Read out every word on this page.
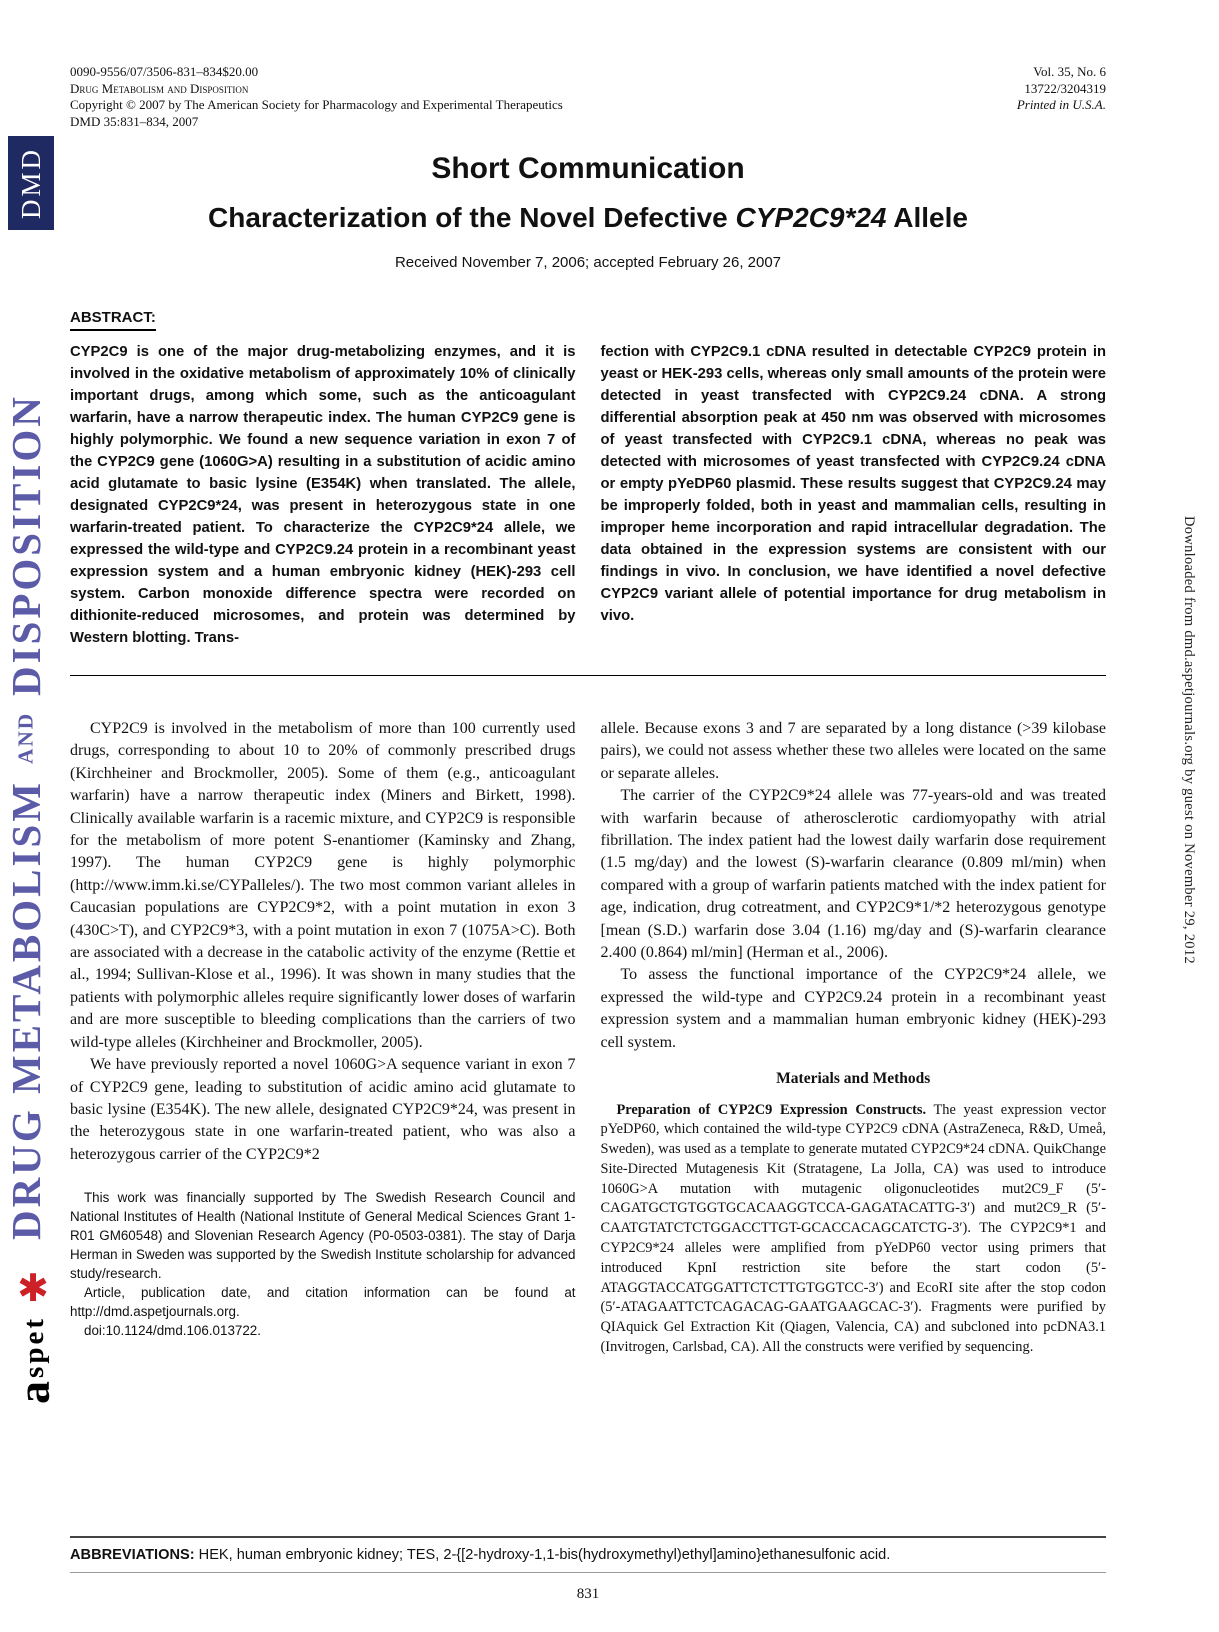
DMD
DRUG METABOLISM
AND
DISPOSITION
✱
aspet
Downloaded from dmd.aspetjournals.org by guest on November 29, 2012
0090-9556/07/3506-831–834$20.00
Drug Metabolism and Disposition
Copyright © 2007 by The American Society for Pharmacology and Experimental Therapeutics
DMD 35:831–834, 2007
Vol. 35, No. 6
13722/3204319
Printed in U.S.A.
Short Communication
Characterization of the Novel Defective CYP2C9*24 Allele
Received November 7, 2006; accepted February 26, 2007
ABSTRACT:
CYP2C9 is one of the major drug-metabolizing enzymes, and it is involved in the oxidative metabolism of approximately 10% of clinically important drugs, among which some, such as the anticoagulant warfarin, have a narrow therapeutic index. The human CYP2C9 gene is highly polymorphic. We found a new sequence variation in exon 7 of the CYP2C9 gene (1060G>A) resulting in a substitution of acidic amino acid glutamate to basic lysine (E354K) when translated. The allele, designated CYP2C9*24, was present in heterozygous state in one warfarin-treated patient. To characterize the CYP2C9*24 allele, we expressed the wild-type and CYP2C9.24 protein in a recombinant yeast expression system and a human embryonic kidney (HEK)-293 cell system. Carbon monoxide difference spectra were recorded on dithionite-reduced microsomes, and protein was determined by Western blotting. Trans-
fection with CYP2C9.1 cDNA resulted in detectable CYP2C9 protein in yeast or HEK-293 cells, whereas only small amounts of the protein were detected in yeast transfected with CYP2C9.24 cDNA. A strong differential absorption peak at 450 nm was observed with microsomes of yeast transfected with CYP2C9.1 cDNA, whereas no peak was detected with microsomes of yeast transfected with CYP2C9.24 cDNA or empty pYeDP60 plasmid. These results suggest that CYP2C9.24 may be improperly folded, both in yeast and mammalian cells, resulting in improper heme incorporation and rapid intracellular degradation. The data obtained in the expression systems are consistent with our findings in vivo. In conclusion, we have identified a novel defective CYP2C9 variant allele of potential importance for drug metabolism in vivo.

CYP2C9 is involved in the metabolism of more than 100 currently used drugs, corresponding to about 10 to 20% of commonly prescribed drugs (Kirchheiner and Brockmoller, 2005). Some of them (e.g., anticoagulant warfarin) have a narrow therapeutic index (Miners and Birkett, 1998). Clinically available warfarin is a racemic mixture, and CYP2C9 is responsible for the metabolism of more potent S-enantiomer (Kaminsky and Zhang, 1997). The human CYP2C9 gene is highly polymorphic (http://www.imm.ki.se/CYPalleles/). The two most common variant alleles in Caucasian populations are CYP2C9*2, with a point mutation in exon 3 (430C>T), and CYP2C9*3, with a point mutation in exon 7 (1075A>C). Both are associated with a decrease in the catabolic activity of the enzyme (Rettie et al., 1994; Sullivan-Klose et al., 1996). It was shown in many studies that the patients with polymorphic alleles require significantly lower doses of warfarin and are more susceptible to bleeding complications than the carriers of two wild-type alleles (Kirchheiner and Brockmoller, 2005).

We have previously reported a novel 1060G>A sequence variant in exon 7 of CYP2C9 gene, leading to substitution of acidic amino acid glutamate to basic lysine (E354K). The new allele, designated CYP2C9*24, was present in the heterozygous state in one warfarin-treated patient, who was also a heterozygous carrier of the CYP2C9*2

This work was financially supported by The Swedish Research Council and National Institutes of Health (National Institute of General Medical Sciences Grant 1-R01 GM60548) and Slovenian Research Agency (P0-0503-0381). The stay of Darja Herman in Sweden was supported by the Swedish Institute scholarship for advanced study/research.

Article, publication date, and citation information can be found at http://dmd.aspetjournals.org.

doi:10.1124/dmd.106.013722.

allele. Because exons 3 and 7 are separated by a long distance (>39 kilobase pairs), we could not assess whether these two alleles were located on the same or separate alleles.

The carrier of the CYP2C9*24 allele was 77-years-old and was treated with warfarin because of atherosclerotic cardiomyopathy with atrial fibrillation. The index patient had the lowest daily warfarin dose requirement (1.5 mg/day) and the lowest (S)-warfarin clearance (0.809 ml/min) when compared with a group of warfarin patients matched with the index patient for age, indication, drug cotreatment, and CYP2C9*1/*2 heterozygous genotype [mean (S.D.) warfarin dose 3.04 (1.16) mg/day and (S)-warfarin clearance 2.400 (0.864) ml/min] (Herman et al., 2006).

To assess the functional importance of the CYP2C9*24 allele, we expressed the wild-type and CYP2C9.24 protein in a recombinant yeast expression system and a mammalian human embryonic kidney (HEK)-293 cell system.

Materials and Methods
Preparation of CYP2C9 Expression Constructs. The yeast expression vector pYeDP60, which contained the wild-type CYP2C9 cDNA (AstraZeneca, R&D, Umeå, Sweden), was used as a template to generate mutated CYP2C9*24 cDNA. QuikChange Site-Directed Mutagenesis Kit (Stratagene, La Jolla, CA) was used to introduce 1060G>A mutation with mutagenic oligonucleotides mut2C9_F (5′-CAGATGCTGTGGTGCACAAGGTCCA-GAGATACATTG-3′) and mut2C9_R (5′-CAATGTATCTCTGGACCTTGT-GCACCACAGCATCTG-3′). The CYP2C9*1 and CYP2C9*24 alleles were amplified from pYeDP60 vector using primers that introduced KpnI restriction site before the start codon (5′-ATAGGTACCATGGATTCTCTTGTGGTCC-3′) and EcoRI site after the stop codon (5′-ATAGAATTCTCAGACAG-GAATGAAGCAC-3′). Fragments were purified by QIAquick Gel Extraction Kit (Qiagen, Valencia, CA) and subcloned into pcDNA3.1 (Invitrogen, Carlsbad, CA). All the constructs were verified by sequencing.
ABBREVIATIONS: HEK, human embryonic kidney; TES, 2-{[2-hydroxy-1,1-bis(hydroxymethyl)ethyl]amino}ethanesulfonic acid.
831
